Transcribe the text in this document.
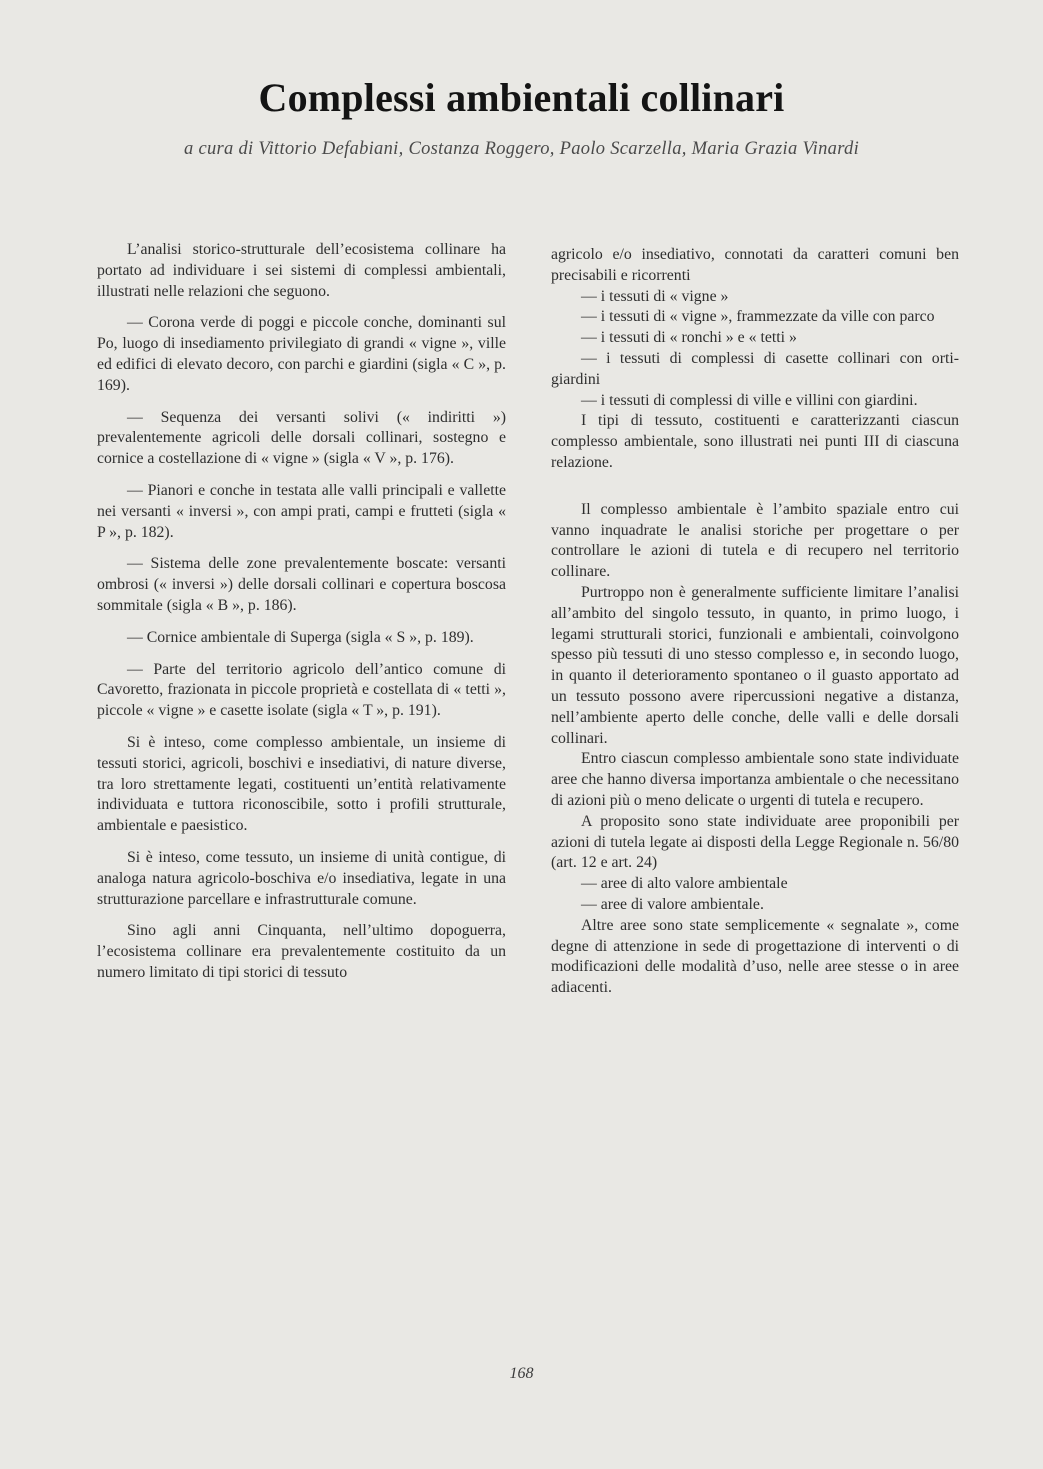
Complessi ambientali collinari

a cura di Vittorio Defabiani, Costanza Roggero, Paolo Scarzella, Maria Grazia Vinardi

L’analisi storico-strutturale dell’ecosistema collinare ha portato ad individuare i sei sistemi di complessi ambientali, illustrati nelle relazioni che seguono.

— Corona verde di poggi e piccole conche, dominanti sul Po, luogo di insediamento privilegiato di grandi « vigne », ville ed edifici di elevato decoro, con parchi e giardini (sigla « C », p. 169).

— Sequenza dei versanti solivi (« indiritti ») prevalentemente agricoli delle dorsali collinari, sostegno e cornice a costellazione di « vigne » (sigla « V », p. 176).

— Pianori e conche in testata alle valli principali e vallette nei versanti « inversi », con ampi prati, campi e frutteti (sigla « P », p. 182).

— Sistema delle zone prevalentemente boscate: versanti ombrosi (« inversi ») delle dorsali collinari e copertura boscosa sommitale (sigla « B », p. 186).

— Cornice ambientale di Superga (sigla « S », p. 189).

— Parte del territorio agricolo dell’antico comune di Cavoretto, frazionata in piccole proprietà e costellata di « tetti », piccole « vigne » e casette isolate (sigla « T », p. 191).

Si è inteso, come complesso ambientale, un insieme di tessuti storici, agricoli, boschivi e insediativi, di nature diverse, tra loro strettamente legati, costituenti un’entità relativamente individuata e tuttora riconoscibile, sotto i profili strutturale, ambientale e paesistico.

Si è inteso, come tessuto, un insieme di unità contigue, di analoga natura agricolo-boschiva e/o insediativa, legate in una strutturazione parcellare e infrastrutturale comune.

Sino agli anni Cinquanta, nell’ultimo dopoguerra, l’ecosistema collinare era prevalentemente costituito da un numero limitato di tipi storici di tessuto

agricolo e/o insediativo, connotati da caratteri comuni ben precisabili e ricorrenti

— i tessuti di « vigne »

— i tessuti di « vigne », frammezzate da ville con parco

— i tessuti di « ronchi » e « tetti »

— i tessuti di complessi di casette collinari con orti-giardini

— i tessuti di complessi di ville e villini con giardini.

I tipi di tessuto, costituenti e caratterizzanti ciascun complesso ambientale, sono illustrati nei punti III di ciascuna relazione.

Il complesso ambientale è l’ambito spaziale entro cui vanno inquadrate le analisi storiche per progettare o per controllare le azioni di tutela e di recupero nel territorio collinare.

Purtroppo non è generalmente sufficiente limitare l’analisi all’ambito del singolo tessuto, in quanto, in primo luogo, i legami strutturali storici, funzionali e ambientali, coinvolgono spesso più tessuti di uno stesso complesso e, in secondo luogo, in quanto il deterioramento spontaneo o il guasto apportato ad un tessuto possono avere ripercussioni negative a distanza, nell’ambiente aperto delle conche, delle valli e delle dorsali collinari.

Entro ciascun complesso ambientale sono state individuate aree che hanno diversa importanza ambientale o che necessitano di azioni più o meno delicate o urgenti di tutela e recupero.

A proposito sono state individuate aree proponibili per azioni di tutela legate ai disposti della Legge Regionale n. 56/80 (art. 12 e art. 24)

— aree di alto valore ambientale

— aree di valore ambientale.

Altre aree sono state semplicemente « segnalate », come degne di attenzione in sede di progettazione di interventi o di modificazioni delle modalità d’uso, nelle aree stesse o in aree adiacenti.

168
